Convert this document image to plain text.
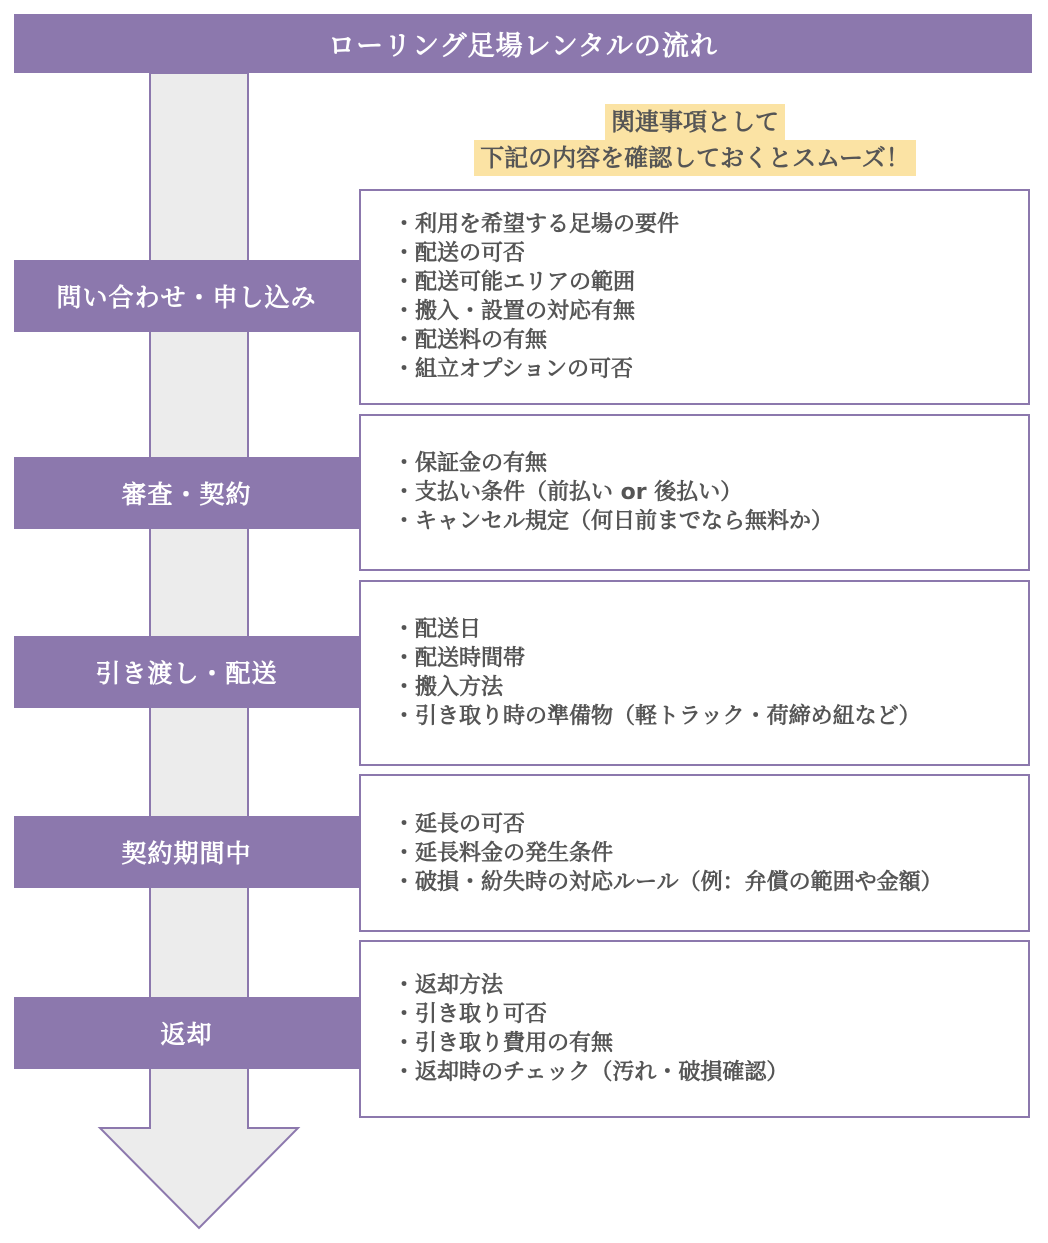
ローリング足場レンタルの流れ
関連事項として
下記の内容を確認しておくとスムーズ！
問い合わせ・申し込み
・利用を希望する足場の要件
・配送の可否
・配送可能エリアの範囲
・搬入・設置の対応有無
・配送料の有無
・組立オプションの可否
審査・契約
・保証金の有無
・支払い条件（前払い or 後払い）
・キャンセル規定（何日前までなら無料か）
引き渡し・配送
・配送日
・配送時間帯
・搬入方法
・引き取り時の準備物（軽トラック・荷締め紐など）
契約期間中
・延長の可否
・延長料金の発生条件
・破損・紛失時の対応ルール（例：弁償の範囲や金額）
返却
・返却方法
・引き取り可否
・引き取り費用の有無
・返却時のチェック（汚れ・破損確認）
